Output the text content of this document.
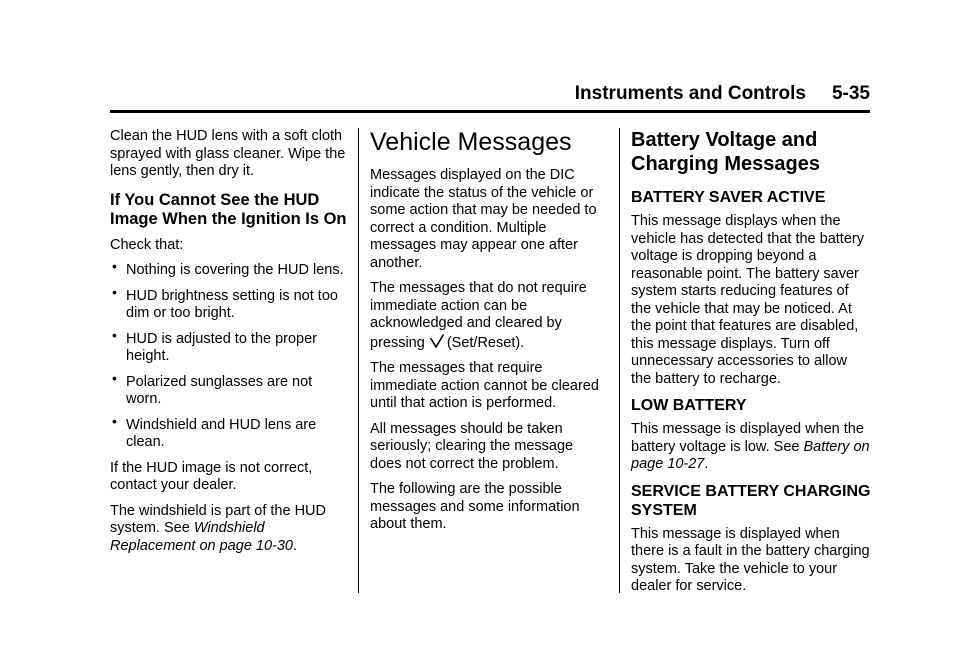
Instruments and Controls 5-35

Clean the HUD lens with a soft cloth sprayed with glass cleaner. Wipe the lens gently, then dry it.

If You Cannot See the HUD Image When the Ignition Is On

Check that:

• Nothing is covering the HUD lens.
• HUD brightness setting is not too dim or too bright.
• HUD is adjusted to the proper height.
• Polarized sunglasses are not worn.
• Windshield and HUD lens are clean.

If the HUD image is not correct, contact your dealer.

The windshield is part of the HUD system. See Windshield Replacement on page 10-30.

Vehicle Messages

Messages displayed on the DIC indicate the status of the vehicle or some action that may be needed to correct a condition. Multiple messages may appear one after another.

The messages that do not require immediate action can be acknowledged and cleared by pressing (Set/Reset).

The messages that require immediate action cannot be cleared until that action is performed.

All messages should be taken seriously; clearing the message does not correct the problem.

The following are the possible messages and some information about them.

Battery Voltage and Charging Messages
BATTERY SAVER ACTIVE

This message displays when the vehicle has detected that the battery voltage is dropping beyond a reasonable point. The battery saver system starts reducing features of the vehicle that may be noticed. At the point that features are disabled, this message displays. Turn off unnecessary accessories to allow the battery to recharge.

LOW BATTERY

This message is displayed when the battery voltage is low. See Battery on page 10-27.

SERVICE BATTERY CHARGING SYSTEM

This message is displayed when there is a fault in the battery charging system. Take the vehicle to your dealer for service.
